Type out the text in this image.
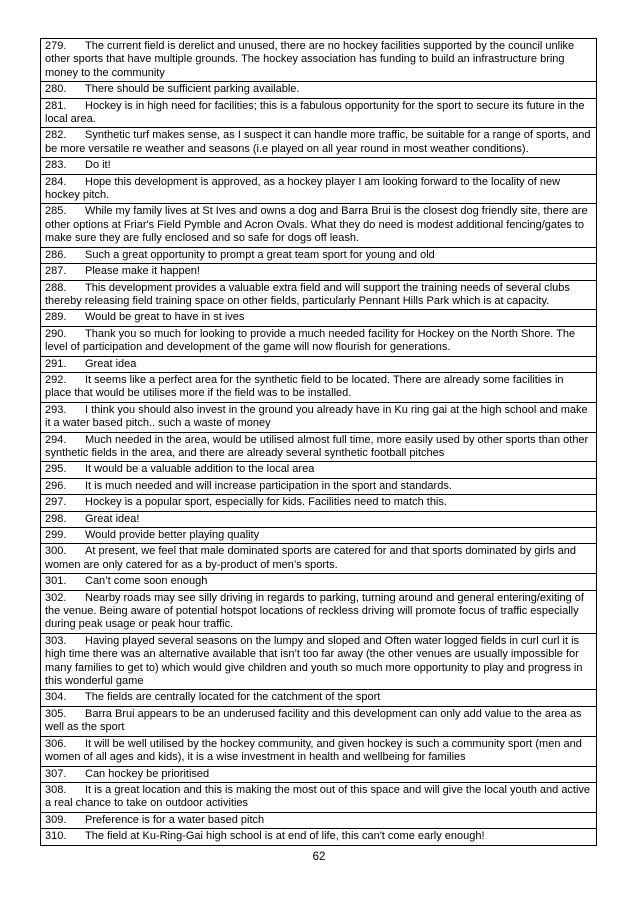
279. The current field is derelict and unused, there are no hockey facilities supported by the council unlike other sports that have multiple grounds. The hockey association has funding to build an infrastructure bring money to the community
280. There should be sufficient parking available.
281. Hockey is in high need for facilities; this is a fabulous opportunity for the sport to secure its future in the local area.
282. Synthetic turf makes sense, as I suspect it can handle more traffic, be suitable for a range of sports, and be more versatile re weather and seasons (i.e played on all year round in most weather conditions).
283. Do it!
284. Hope this development is approved, as a hockey player I am looking forward to the locality of new hockey pitch.
285. While my family lives at St Ives and owns a dog and Barra Brui is the closest dog friendly site, there are other options at Friar's Field Pymble and Acron Ovals. What they do need is modest additional fencing/gates to make sure they are fully enclosed and so safe for dogs off leash.
286. Such a great opportunity to prompt a great team sport for young and old
287. Please make it happen!
288. This development provides a valuable extra field and will support the training needs of several clubs thereby releasing field training space on other fields, particularly Pennant Hills Park which is at capacity.
289. Would be great to have in st ives
290. Thank you so much for looking to provide a much needed facility for Hockey on the North Shore. The level of participation and development of the game will now flourish for generations.
291. Great idea
292. It seems like a perfect area for the synthetic field to be located. There are already some facilities in place that would be utilises more if the field was to be installed.
293. I think you should also invest in the ground you already have in Ku ring gai at the high school and make it a water based pitch.. such a waste of money
294. Much needed in the area, would be utilised almost full time, more easily used by other sports than other synthetic fields in the area, and there are already several synthetic football pitches
295. It would be a valuable addition to the local area
296. It is much needed and will increase participation in the sport and standards.
297. Hockey is a popular sport, especially for kids. Facilities need to match this.
298. Great idea!
299. Would provide better playing quality
300. At present, we feel that male dominated sports are catered for and that sports dominated by girls and women are only catered for as a by-product of men’s sports.
301. Can’t come soon enough
302. Nearby roads may see silly driving in regards to parking, turning around and general entering/exiting of the venue. Being aware of potential hotspot locations of reckless driving will promote focus of traffic especially during peak usage or peak hour traffic.
303. Having played several seasons on the lumpy and sloped and Often water logged fields in curl curl it is high time there was an alternative available that isn’t too far away (the other venues are usually impossible for many families to get to) which would give children and youth so much more opportunity to play and progress in this wonderful game
304. The fields are centrally located for the catchment of the sport
305. Barra Brui appears to be an underused facility and this development can only add value to the area as well as the sport
306. It will be well utilised by the hockey community, and given hockey is such a community sport (men and women of all ages and kids), it is a wise investment in health and wellbeing for families
307. Can hockey be prioritised
308. It is a great location and this is making the most out of this space and will give the local youth and active a real chance to take on outdoor activities
309. Preference is for a water based pitch
310. The field at Ku-Ring-Gai high school is at end of life, this can't come early enough!
62
